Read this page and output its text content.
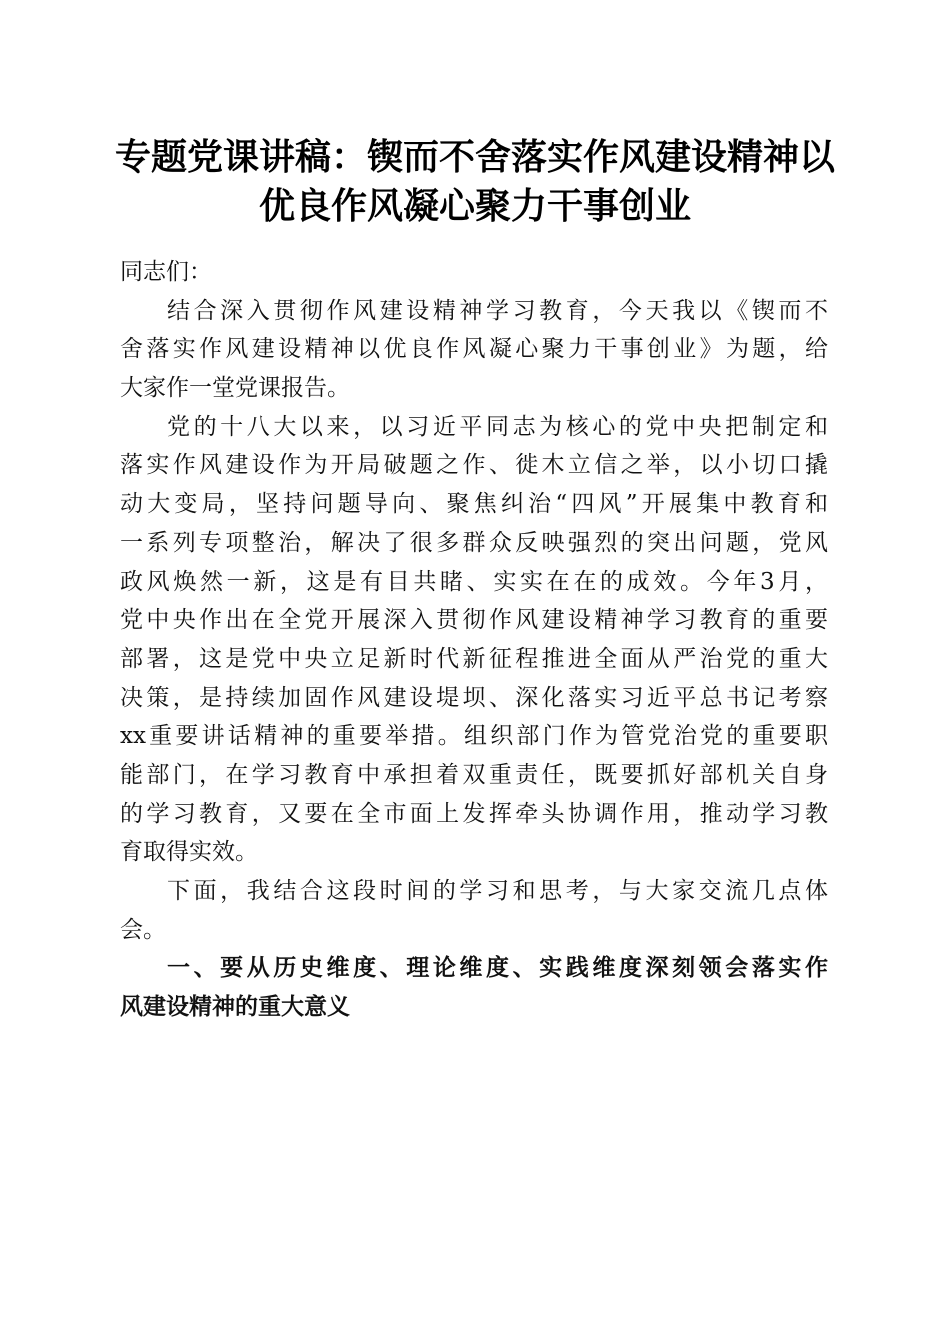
专题党课讲稿：锲而不舍落实作风建设精神以
优良作风凝心聚力干事创业

同志们：

结合深入贯彻作风建设精神学习教育，今天我以《锲而不
舍落实作风建设精神以优良作风凝心聚力干事创业》为题，给
大家作一堂党课报告。

党的十八大以来，以习近平同志为核心的党中央把制定和
落实作风建设作为开局破题之作、徙木立信之举，以小切口撬
动大变局，坚持问题导向、聚焦纠治“四风”开展集中教育和
一系列专项整治，解决了很多群众反映强烈的突出问题，党风
政风焕然一新，这是有目共睹、实实在在的成效。今年3月，
党中央作出在全党开展深入贯彻作风建设精神学习教育的重要
部署，这是党中央立足新时代新征程推进全面从严治党的重大
决策，是持续加固作风建设堤坝、深化落实习近平总书记考察
xx重要讲话精神的重要举措。组织部门作为管党治党的重要职
能部门，在学习教育中承担着双重责任，既要抓好部机关自身
的学习教育，又要在全市面上发挥牵头协调作用，推动学习教
育取得实效。

下面，我结合这段时间的学习和思考，与大家交流几点体
会。

一、要从历史维度、理论维度、实践维度深刻领会落实作
风建设精神的重大意义
